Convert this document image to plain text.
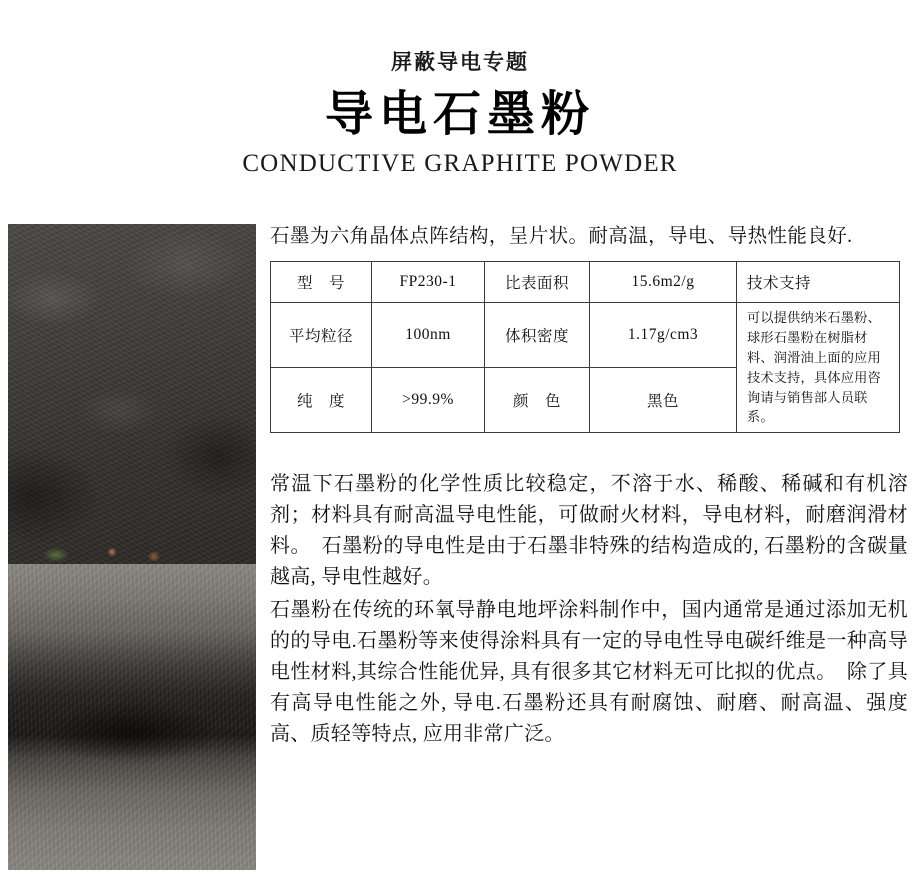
屏蔽导电专题
导电石墨粉
CONDUCTIVE GRAPHITE POWDER
石墨为六角晶体点阵结构，呈片状。耐高温，导电、导热性能良好.
型　号	FP230-1	比表面积	15.6m2/g	技术支持
平均粒径	100nm	体积密度	1.17g/cm3	可以提供纳米石墨粉、球形石墨粉在树脂材料、润滑油上面的应用技术支持，具体应用咨询请与销售部人员联系。
纯　度	>99.9%	颜　色	黑色	
常温下石墨粉的化学性质比较稳定，不溶于水、稀酸、稀碱和有机溶剂；材料具有耐高温导电性能，可做耐火材料，导电材料，耐磨润滑材料。　石墨粉的导电性是由于石墨非特殊的结构造成的, 石墨粉的含碳量越高, 导电性越好。
石墨粉在传统的环氧导静电地坪涂料制作中，国内通常是通过添加无机的的导电.石墨粉等来使得涂料具有一定的导电性导电碳纤维是一种高导电性材料,其综合性能优异, 具有很多其它材料无可比拟的优点。　除了具有高导电性能之外, 导电.石墨粉还具有耐腐蚀、耐磨、耐高温、强度高、质轻等特点, 应用非常广泛。
